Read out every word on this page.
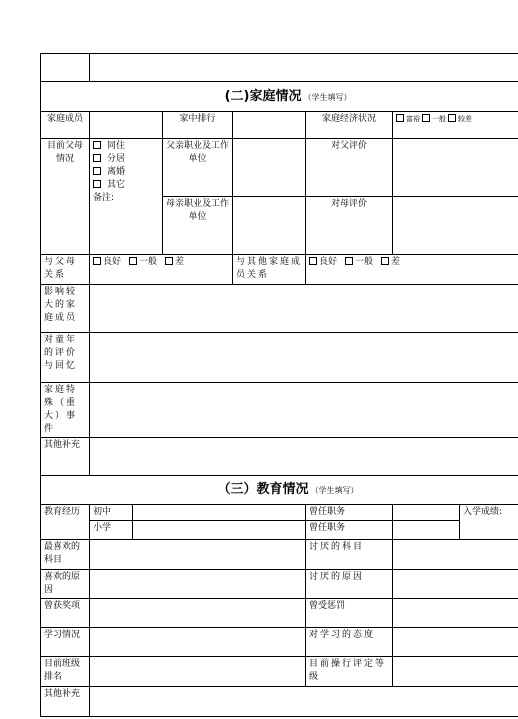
(二)家庭情况 （学生填写）							
家庭成员			家中排行		家庭经济状况	富裕 一般 较差	
目前父母情况	同住
分居
离婚
其它
备注:		父亲职业及工作单位		对父评价		
			母亲职业及工作单位		对母评价		
与父母关系	良好 一般 差			与其他家庭成员关系	良好 一般 差		
影响较大的家庭成员							
对童年的评价与回忆							
家庭特殊（重大）事件							
其他补充							
（三）教育情况 （学生填写）							
教育经历	初中				曾任职务		入学成绩:
	小学				曾任职务		
最喜欢的科目					讨厌的科目		
喜欢的原因					讨厌的原因		
曾获奖项					曾受惩罚		
学习情况					对学习的态度		
目前班级排名					目前操行评定等级		
其他补充							
